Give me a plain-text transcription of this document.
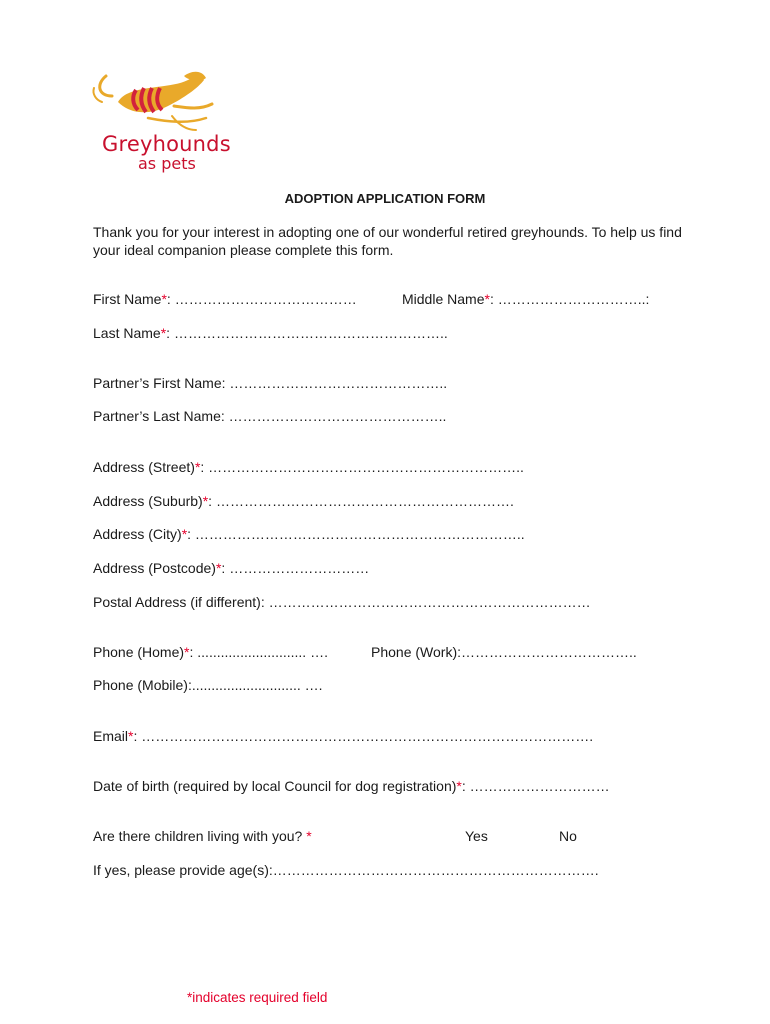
Greyhounds
as pets
ADOPTION APPLICATION FORM
Thank you for your interest in adopting one of our wonderful retired greyhounds. To help us find your ideal companion please complete this form.
First Name*: …………………………………	Middle Name*: …………………………..:
Last Name*: …………………………………………………..
Partner’s First Name: ………………………………………..
Partner’s Last Name: ………………………………………..
Address (Street)*: …………………………………………………………..
Address (Suburb)*: ……………………………………………………….
Address (City)*: ……………………………………………………………..
Address (Postcode)*: …………………………
Postal Address (if different): ……………………………………………………………
Phone (Home)*: ............................ ….	Phone (Work):………………………………..
Phone (Mobile):............................ ….
Email*: …………………………………………………………………………………….
Date of birth (required by local Council for dog registration)*: …………………………
Are there children living with you? *	Yes	No
If yes, please provide age(s):…………………………………………………………….
*indicates required field
